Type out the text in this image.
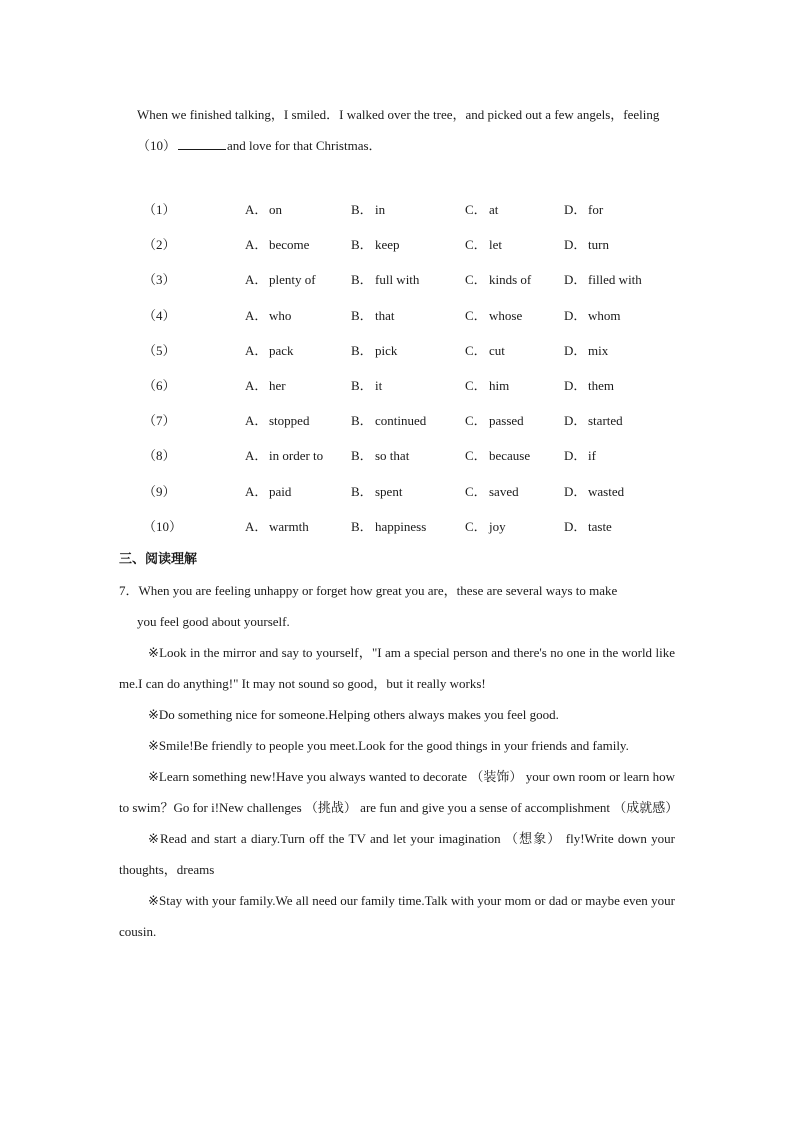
When we finished talking，I smiled．I walked over the tree，and picked out a few angels，feeling
（10）	and love for that Christmas．
（1）	A． on	B． in	C． at	D． for
（2）	A． become	B． keep	C． let	D． turn
（3）	A． plenty of	B． full with	C． kinds of	D． filled with
（4）	A． who	B． that	C． whose	D． whom
（5）	A． pack	B． pick	C． cut	D． mix
（6）	A． her	B． it	C． him	D． them
（7）	A． stopped	B． continued	C． passed	D． started
（8）	A． in order to B． so that	C． because	D． if
（9）	A． paid	B． spent	C． saved	D． wasted
（10）	A． warmth	B． happiness	C． joy	D． taste
三、阅读理解
7．When you are feeling unhappy or forget how great you are，these are several ways to make
you feel good about yourself.
※Look in the mirror and say to yourself，"I am a special person and there's no one in the world like me.I can do anything!" It may not sound so good，but it really works!
※Do something nice for someone.Helping others always makes you feel good.
※Smile!Be friendly to people you meet.Look for the good things in your friends and family.
※Learn something new!Have you always wanted to decorate （装饰） your own room or learn how to swim？Go for i!New challenges （挑战） are fun and give you a sense of accomplishment （成就感）
※Read and start a diary.Turn off the TV and let your imagination （想象） fly!Write down your thoughts，dreams
※Stay with your family.We all need our family time.Talk with your mom or dad or maybe even your cousin.
